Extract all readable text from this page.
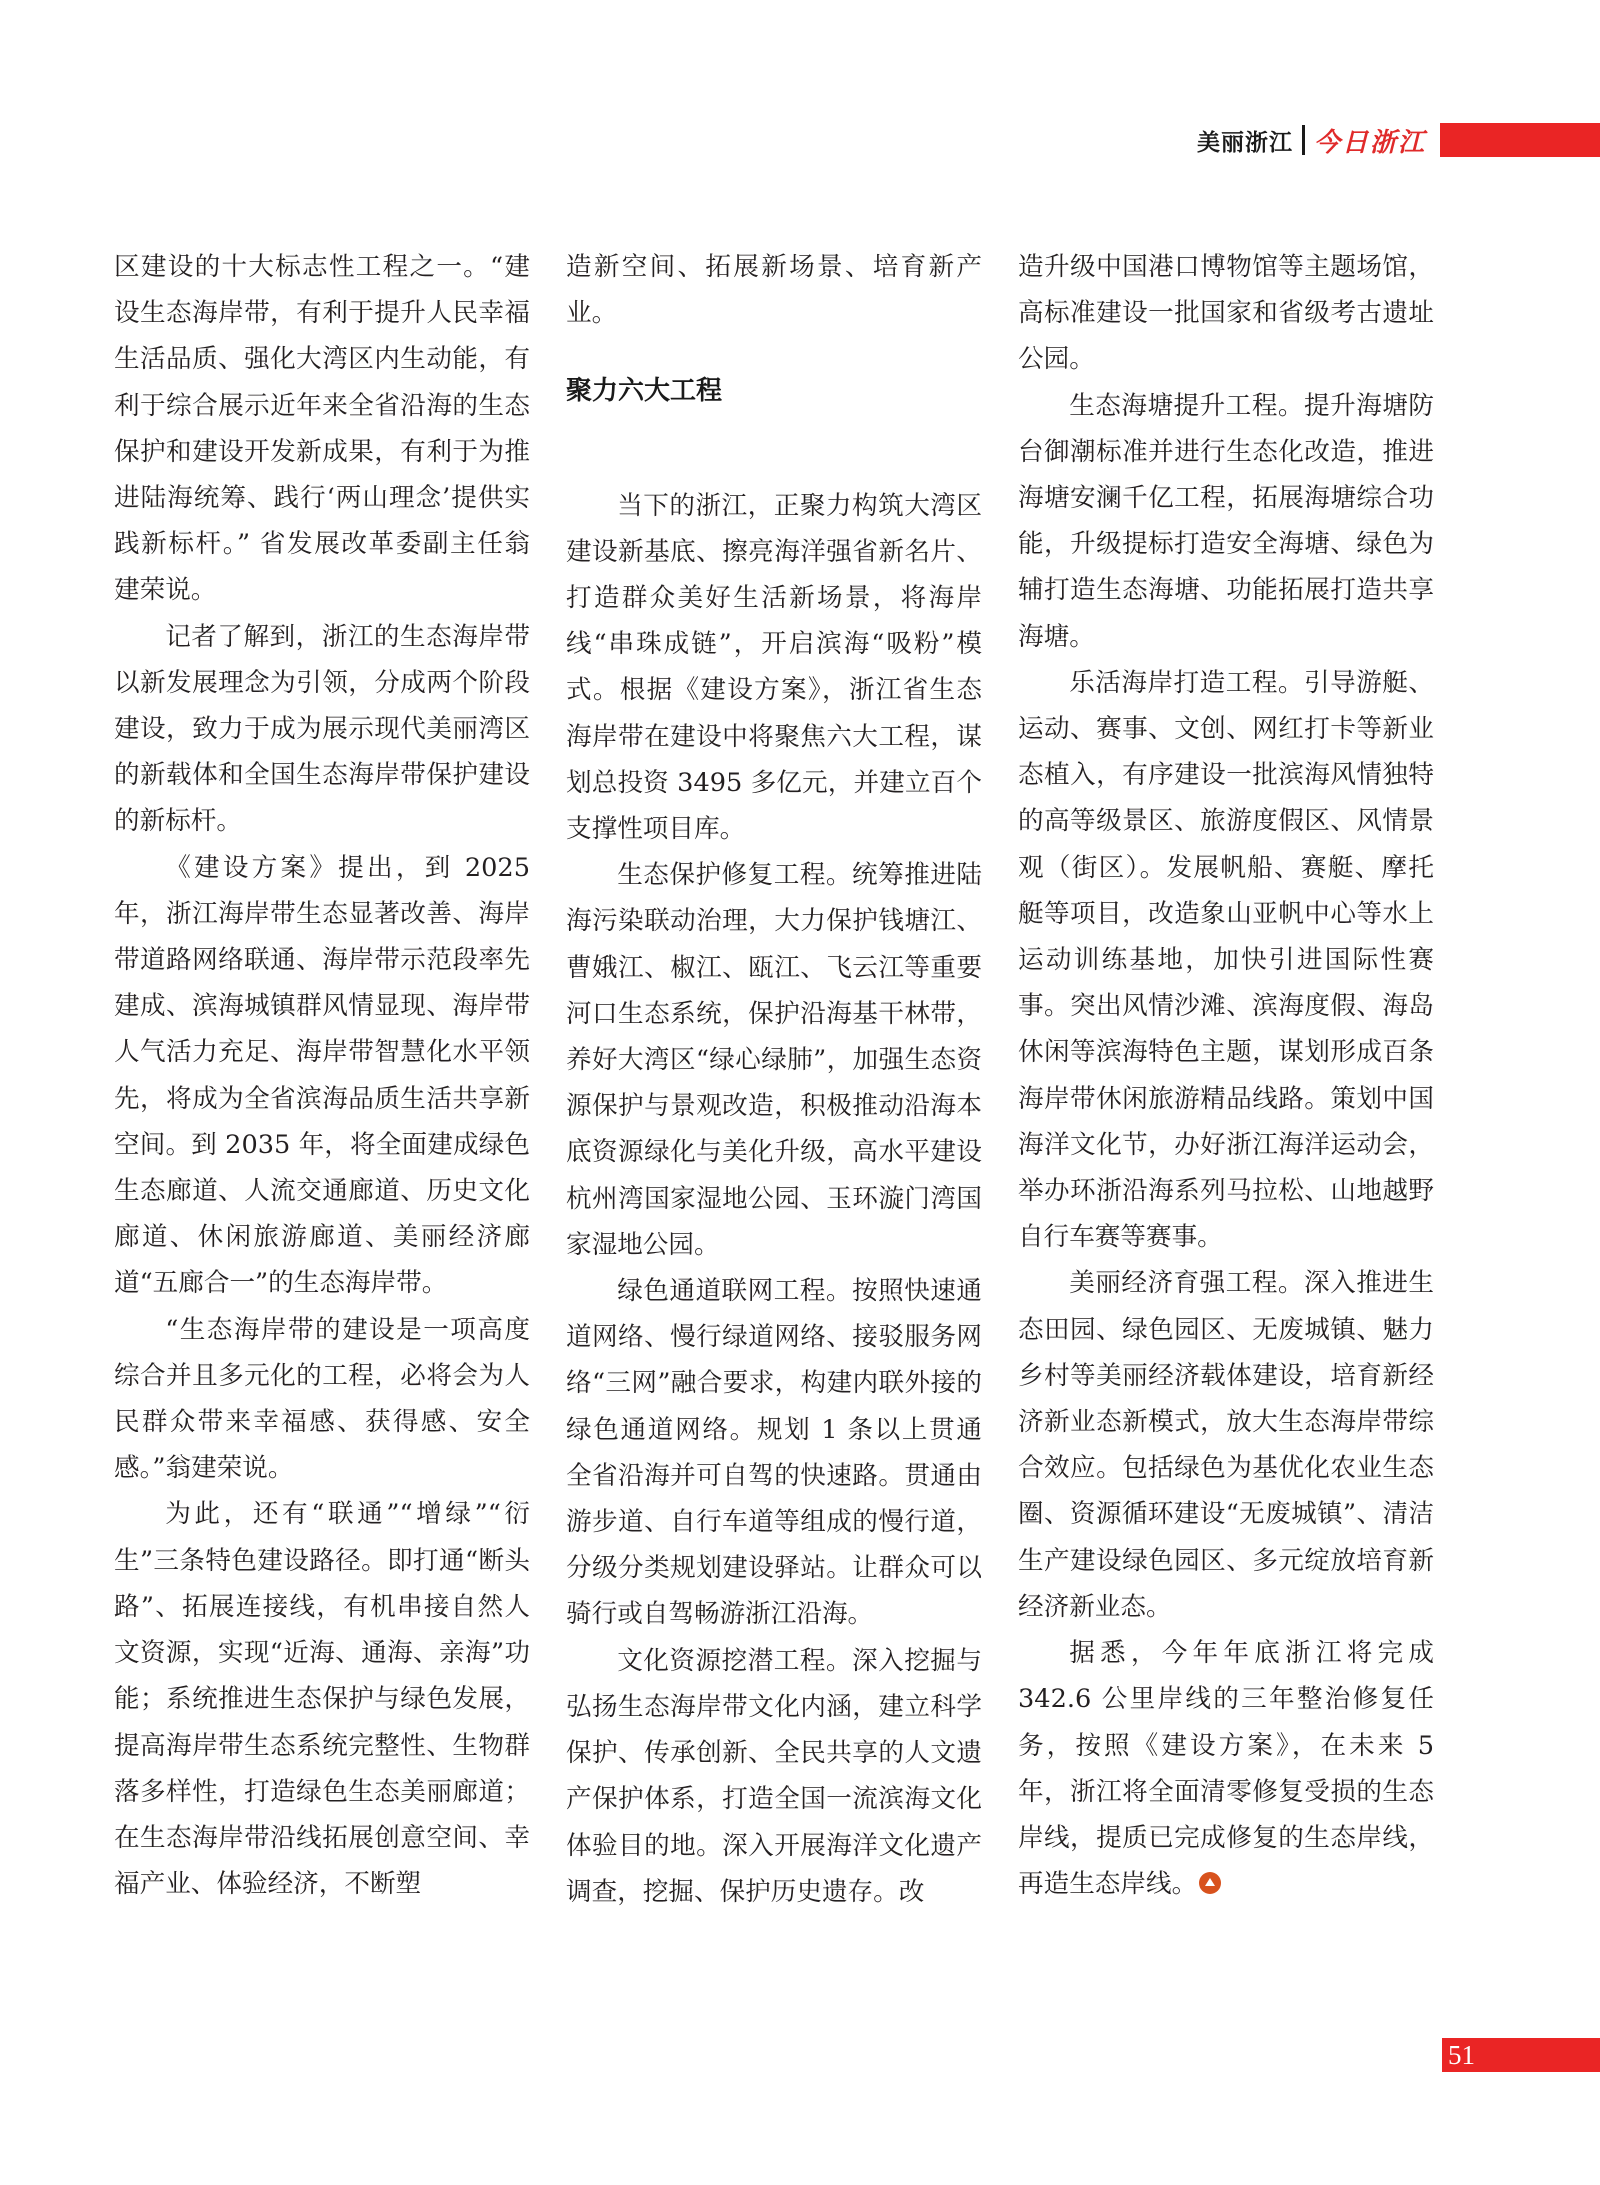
美丽浙江 今日浙江

区建设的十大标志性工程之一。“建设生态海岸带，有利于提升人民幸福生活品质、强化大湾区内生动能，有利于综合展示近年来全省沿海的生态保护和建设开发新成果，有利于为推进陆海统筹、践行‘两山理念’提供实践新标杆。” 省发展改革委副主任翁建荣说。

记者了解到，浙江的生态海岸带以新发展理念为引领，分成两个阶段建设，致力于成为展示现代美丽湾区的新载体和全国生态海岸带保护建设的新标杆。

《建设方案》提出，到 2025 年，浙江海岸带生态显著改善、海岸带道路网络联通、海岸带示范段率先建成、滨海城镇群风情显现、海岸带人气活力充足、海岸带智慧化水平领先，将成为全省滨海品质生活共享新空间。到 2035 年，将全面建成绿色生态廊道、人流交通廊道、历史文化廊道、休闲旅游廊道、美丽经济廊道“五廊合一”的生态海岸带。

“生态海岸带的建设是一项高度综合并且多元化的工程，必将会为人民群众带来幸福感、获得感、安全感。”翁建荣说。

为此，还有“联通”“增绿”“衍生”三条特色建设路径。即打通“断头路”、拓展连接线，有机串接自然人文资源，实现“近海、通海、亲海”功能；系统推进生态保护与绿色发展，提高海岸带生态系统完整性、生物群落多样性，打造绿色生态美丽廊道；在生态海岸带沿线拓展创意空间、幸福产业、体验经济，不断塑

造新空间、拓展新场景、培育新产业。

聚力六大工程

当下的浙江，正聚力构筑大湾区建设新基底、擦亮海洋强省新名片、打造群众美好生活新场景，将海岸线“串珠成链”，开启滨海“吸粉”模式。根据《建设方案》，浙江省生态海岸带在建设中将聚焦六大工程，谋划总投资 3495 多亿元，并建立百个支撑性项目库。

生态保护修复工程。统筹推进陆海污染联动治理，大力保护钱塘江、曹娥江、椒江、瓯江、飞云江等重要河口生态系统，保护沿海基干林带，养好大湾区“绿心绿肺”，加强生态资源保护与景观改造，积极推动沿海本底资源绿化与美化升级，高水平建设杭州湾国家湿地公园、玉环漩门湾国家湿地公园。

绿色通道联网工程。按照快速通道网络、慢行绿道网络、接驳服务网络“三网”融合要求，构建内联外接的绿色通道网络。规划 1 条以上贯通全省沿海并可自驾的快速路。贯通由游步道、自行车道等组成的慢行道，分级分类规划建设驿站。让群众可以骑行或自驾畅游浙江沿海。

文化资源挖潜工程。深入挖掘与弘扬生态海岸带文化内涵，建立科学保护、传承创新、全民共享的人文遗产保护体系，打造全国一流滨海文化体验目的地。深入开展海洋文化遗产调查，挖掘、保护历史遗存。改

造升级中国港口博物馆等主题场馆，高标准建设一批国家和省级考古遗址公园。

生态海塘提升工程。提升海塘防台御潮标准并进行生态化改造，推进海塘安澜千亿工程，拓展海塘综合功能，升级提标打造安全海塘、绿色为辅打造生态海塘、功能拓展打造共享海塘。

乐活海岸打造工程。引导游艇、运动、赛事、文创、网红打卡等新业态植入，有序建设一批滨海风情独特的高等级景区、旅游度假区、风情景观（街区）。发展帆船、赛艇、摩托艇等项目，改造象山亚帆中心等水上运动训练基地，加快引进国际性赛事。突出风情沙滩、滨海度假、海岛休闲等滨海特色主题，谋划形成百条海岸带休闲旅游精品线路。策划中国海洋文化节，办好浙江海洋运动会，举办环浙沿海系列马拉松、山地越野自行车赛等赛事。

美丽经济育强工程。深入推进生态田园、绿色园区、无废城镇、魅力乡村等美丽经济载体建设，培育新经济新业态新模式，放大生态海岸带综合效应。包括绿色为基优化农业生态圈、资源循环建设“无废城镇”、清洁生产建设绿色园区、多元绽放培育新经济新业态。

据悉，今年年底浙江将完成 342.6 公里岸线的三年整治修复任务，按照《建设方案》，在未来 5 年，浙江将全面清零修复受损的生态岸线，提质已完成修复的生态岸线，再造生态岸线。

51
